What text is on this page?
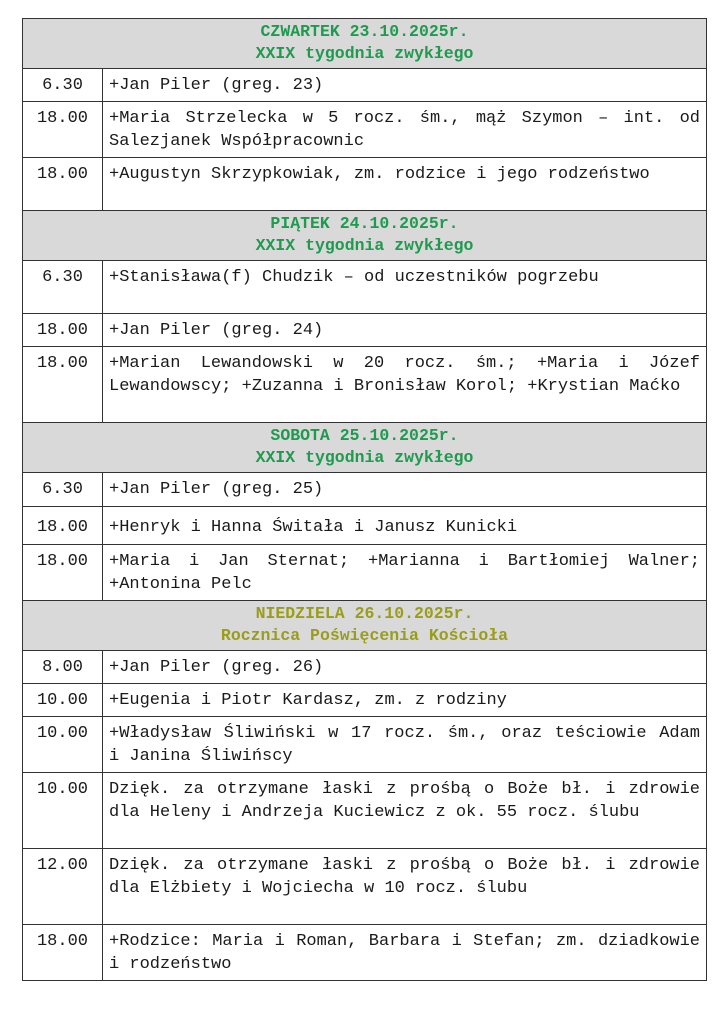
CZWARTEK 23.10.2025r.
XXIX tygodnia zwykłego	

6.30	+Jan Piler (greg. 23)
18.00	+Maria Strzelecka w 5 rocz. śm., mąż Szymon – int. od Salezjanek Współpracownic
18.00	+Augustyn Skrzypkowiak, zm. rodzice i jego rodzeństwo

PIĄTEK 24.10.2025r.
XXIX tygodnia zwykłego	

6.30	+Stanisława(f) Chudzik – od uczestników pogrzebu
18.00	+Jan Piler (greg. 24)
18.00	+Marian Lewandowski w 20 rocz. śm.; +Maria i Józef Lewandowscy; +Zuzanna i Bronisław Korol; +Krystian Maćko

SOBOTA 25.10.2025r.
XXIX tygodnia zwykłego	

6.30	+Jan Piler (greg. 25)
18.00	+Henryk i Hanna Świtała i Janusz Kunicki
18.00	+Maria i Jan Sternat; +Marianna i Bartłomiej Walner; +Antonina Pelc

NIEDZIELA 26.10.2025r.
Rocznica Poświęcenia Kościoła	

8.00	+Jan Piler (greg. 26)
10.00	+Eugenia i Piotr Kardasz, zm. z rodziny
10.00	+Władysław Śliwiński w 17 rocz. śm., oraz teściowie Adam i Janina Śliwińscy
10.00	Dzięk. za otrzymane łaski z prośbą o Boże bł. i zdrowie dla Heleny i Andrzeja Kuciewicz z ok. 55 rocz. ślubu
12.00	Dzięk. za otrzymane łaski z prośbą o Boże bł. i zdrowie dla Elżbiety i Wojciecha w 10 rocz. ślubu
18.00	+Rodzice: Maria i Roman, Barbara i Stefan; zm. dziadkowie i rodzeństwo
